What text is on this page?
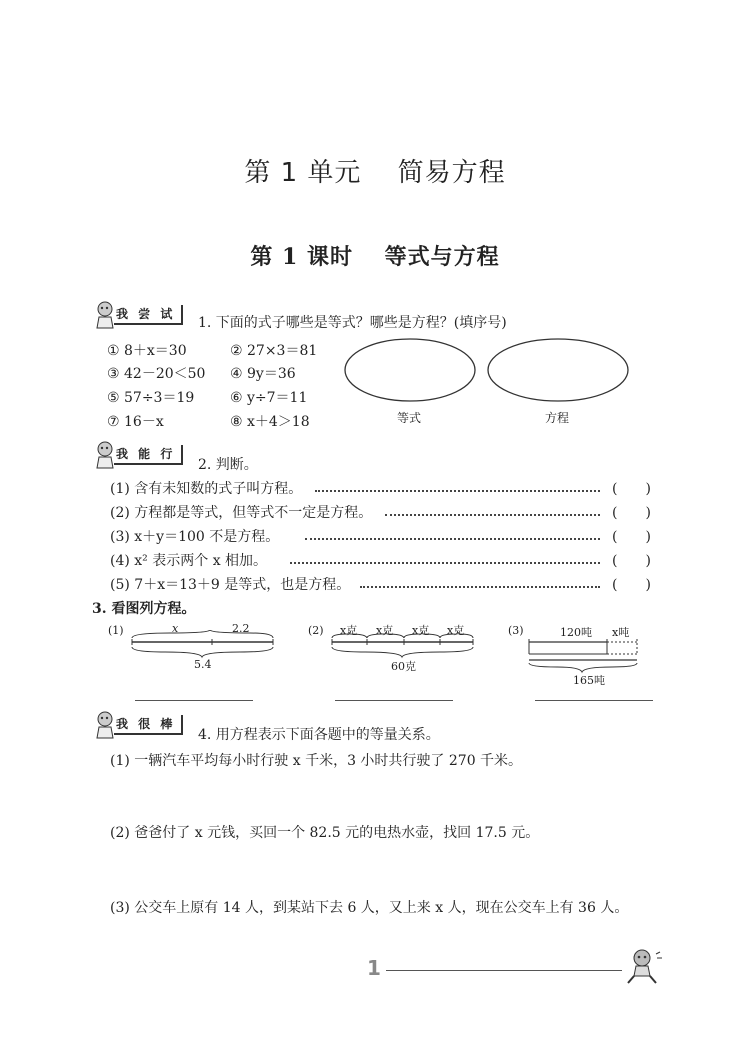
第 1 单元　 简易方程
第 1 课时　 等式与方程
我 尝 试
1. 下面的式子哪些是等式？哪些是方程？(填序号)
① 8＋x＝30	② 27×3＝81
③ 42－20＜50 ④ 9y＝36
⑤ 57÷3＝19	⑥ y÷7＝11
⑦ 16－x	⑧ x＋4＞18	等式	方程
我 能 行
2. 判断。
(1) 含有未知数的式子叫方程。	(　　)
(2) 方程都是等式，但等式不一定是方程。	(　　)
(3) x＋y＝100 不是方程。	(　　)
(4) x² 表示两个 x 相加。	(　　)
(5) 7＋x＝13＋9 是等式，也是方程。	(　　)
3. 看图列方程。
(1)	x	2.2
5.4
(2) x克 x克 x克 x克
60克
(3)	120吨 x吨
165吨
我 很 棒
4. 用方程表示下面各题中的等量关系。
(1) 一辆汽车平均每小时行驶 x 千米，3 小时共行驶了 270 千米。
(2) 爸爸付了 x 元钱，买回一个 82.5 元的电热水壶，找回 17.5 元。
(3) 公交车上原有 14 人，到某站下去 6 人，又上来 x 人，现在公交车上有 36 人。
1
